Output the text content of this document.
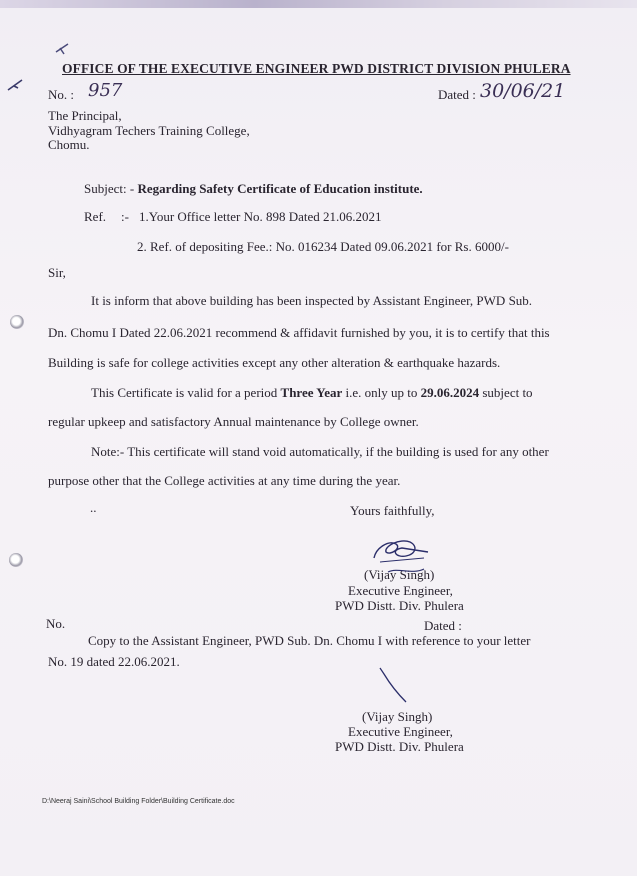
OFFICE OF THE EXECUTIVE ENGINEER PWD DISTRICT DIVISION PHULERA
No. : 957	Dated : 30/06/21
The Principal,
Vidhyagram Techers Training College,
Chomu.
Subject: - Regarding Safety Certificate of Education institute.
Ref. :- 1.Your Office letter No. 898 Dated 21.06.2021
2. Ref. of depositing Fee.: No. 016234 Dated 09.06.2021 for Rs. 6000/-
Sir,
It is inform that above building has been inspected by Assistant Engineer, PWD Sub.
Dn. Chomu I Dated 22.06.2021 recommend & affidavit furnished by you, it is to certify that this
Building is safe for college activities except any other alteration & earthquake hazards.
This Certificate is valid for a period Three Year i.e. only up to 29.06.2024 subject to
regular upkeep and satisfactory Annual maintenance by College owner.
Note:- This certificate will stand void automatically, if the building is used for any other
purpose other that the College activities at any time during the year.
..	Yours faithfully,
(Vijay Singh)
Executive Engineer,
PWD Distt. Div. Phulera
No.	Dated :
Copy to the Assistant Engineer, PWD Sub. Dn. Chomu I with reference to your letter
No. 19 dated 22.06.2021.
(Vijay Singh)
Executive Engineer,
PWD Distt. Div. Phulera
D:\Neeraj Saini\School Building Folder\Building Certificate.doc
